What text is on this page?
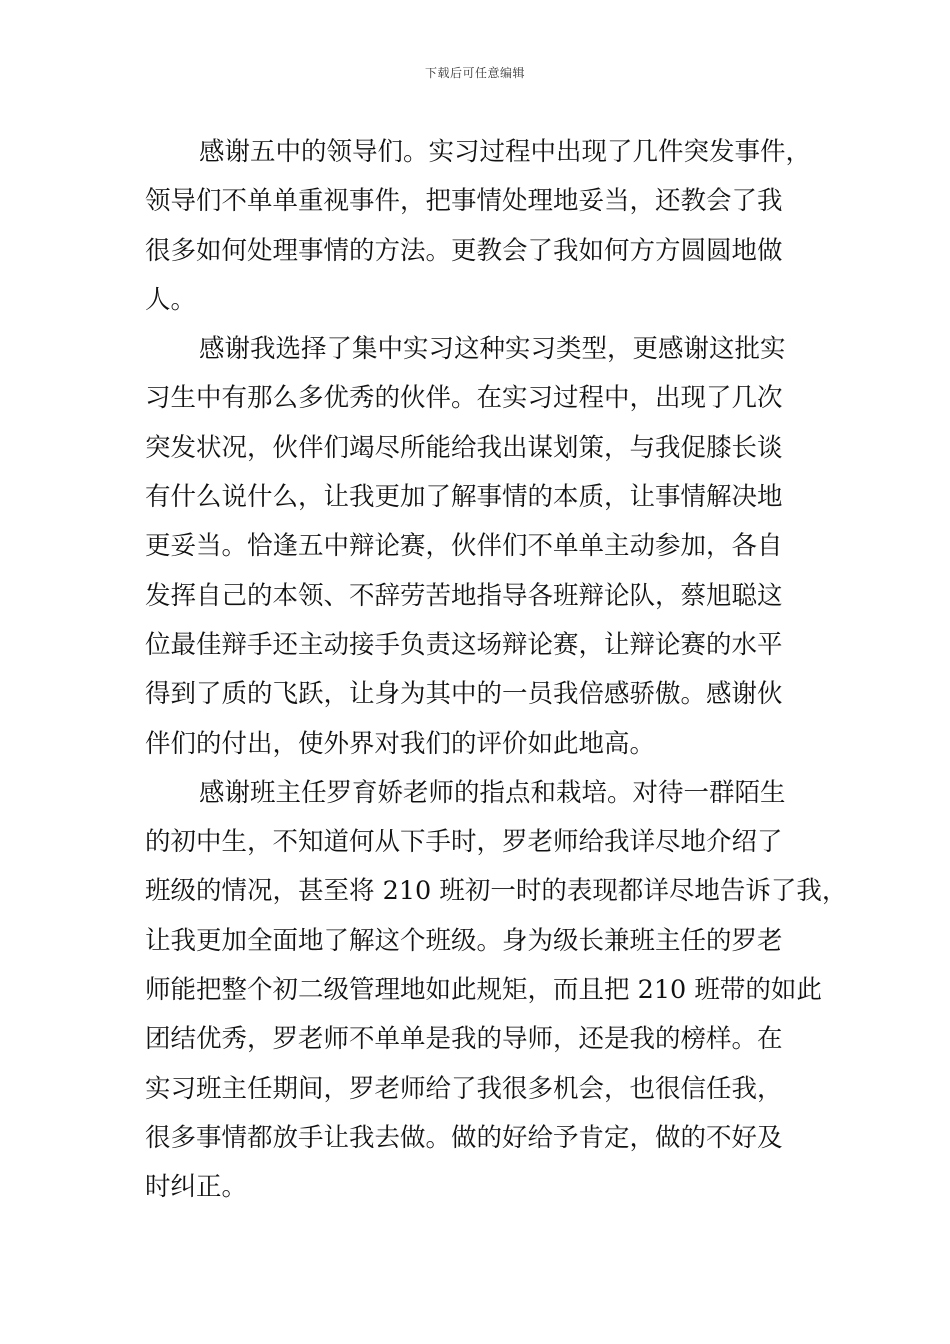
下载后可任意编辑
感谢五中的领导们。实习过程中出现了几件突发事件，
领导们不单单重视事件，把事情处理地妥当，还教会了我
很多如何处理事情的方法。更教会了我如何方方圆圆地做
人。
感谢我选择了集中实习这种实习类型，更感谢这批实
习生中有那么多优秀的伙伴。在实习过程中，出现了几次
突发状况，伙伴们竭尽所能给我出谋划策，与我促膝长谈
有什么说什么，让我更加了解事情的本质，让事情解决地
更妥当。恰逢五中辩论赛，伙伴们不单单主动参加，各自
发挥自己的本领、不辞劳苦地指导各班辩论队，蔡旭聪这
位最佳辩手还主动接手负责这场辩论赛，让辩论赛的水平
得到了质的飞跃，让身为其中的一员我倍感骄傲。感谢伙
伴们的付出，使外界对我们的评价如此地高。
感谢班主任罗育娇老师的指点和栽培。对待一群陌生
的初中生，不知道何从下手时，罗老师给我详尽地介绍了
班级的情况，甚至将 210 班初一时的表现都详尽地告诉了我，
让我更加全面地了解这个班级。身为级长兼班主任的罗老
师能把整个初二级管理地如此规矩，而且把 210 班带的如此
团结优秀，罗老师不单单是我的导师，还是我的榜样。在
实习班主任期间，罗老师给了我很多机会，也很信任我，
很多事情都放手让我去做。做的好给予肯定，做的不好及
时纠正。
